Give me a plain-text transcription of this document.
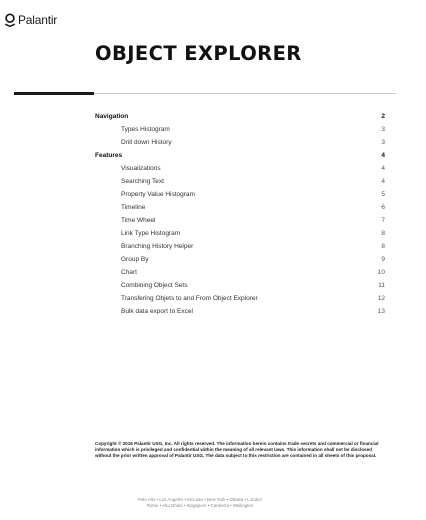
Palantir
OBJECT EXPLORER
Navigation	2
Types Histogram	3
Drill down History	3
Features	4
Visualizations	4
Searching Text	4
Property Value Histogram	5
Timeline	6
Time Wheel	7
Link Type Histogram	8
Branching History Helper	8
Group By	9
Chart	10
Combining Object Sets	11
Transfering Objets to and From Object Explorer	12
Bulk data export to Excel	13

Copyright © 2016 Palantir USG, Inc. All rights reserved. The information herein contains trade secrets and commercial or financial information which is privileged and confidential within the meaning of all relevant laws. This information shall not be disclosed without the prior written approval of Palantir USG. The data subject to this restriction are contained in all sheets of this proposal.

Palo Alto • Los Angeles • McLean • New York • Ottawa • London
Rome • Abu Dhabi • Singapore • Canberra • Wellington
